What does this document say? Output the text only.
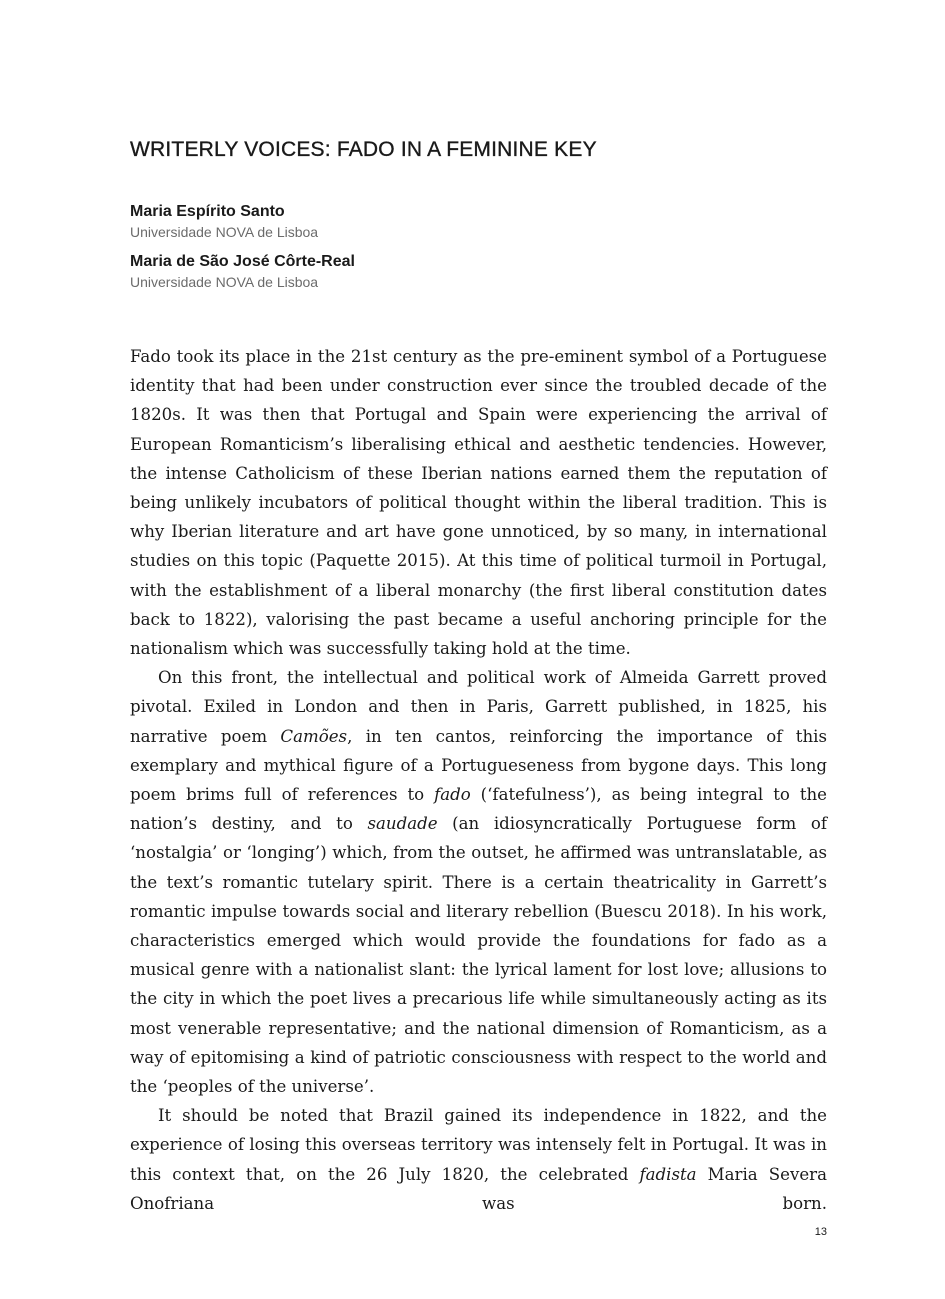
WRITERLY VOICES: FADO IN A FEMININE KEY
Maria Espírito Santo
Universidade NOVA de Lisboa
Maria de São José Côrte-Real
Universidade NOVA de Lisboa

Fado took its place in the 21st century as the pre-eminent symbol of a Portuguese identity that had been under construction ever since the troubled decade of the 1820s. It was then that Portugal and Spain were experiencing the arrival of European Romanticism’s liberalising ethical and aesthetic tendencies. However, the intense Catholicism of these Iberian nations earned them the reputation of being unlikely incubators of political thought within the liberal tradition. This is why Iberian literature and art have gone unnoticed, by so many, in international studies on this topic (Paquette 2015). At this time of political turmoil in Portugal, with the establishment of a liberal monarchy (the first liberal constitution dates back to 1822), valorising the past became a useful anchoring principle for the nationalism which was successfully taking hold at the time.

On this front, the intellectual and political work of Almeida Garrett proved pivotal. Exiled in London and then in Paris, Garrett published, in 1825, his narrative poem Camões, in ten cantos, reinforcing the importance of this exemplary and mythical figure of a Portugueseness from bygone days. This long poem brims full of references to fado (‘fatefulness’), as being integral to the nation’s destiny, and to saudade (an idiosyncratically Portuguese form of ‘nostalgia’ or ‘longing’) which, from the outset, he affirmed was untranslatable, as the text’s romantic tutelary spirit. There is a certain theatricality in Garrett’s romantic impulse towards social and literary rebellion (Buescu 2018). In his work, characteristics emerged which would provide the foundations for fado as a musical genre with a nationalist slant: the lyrical lament for lost love; allusions to the city in which the poet lives a precarious life while simultaneously acting as its most venerable representative; and the national dimension of Romanticism, as a way of epitomising a kind of patriotic consciousness with respect to the world and the ‘peoples of the universe’.

It should be noted that Brazil gained its independence in 1822, and the experience of losing this overseas territory was intensely felt in Portugal. It was in this context that, on the 26 July 1820, the celebrated fadista Maria Severa Onofriana was born.

13
